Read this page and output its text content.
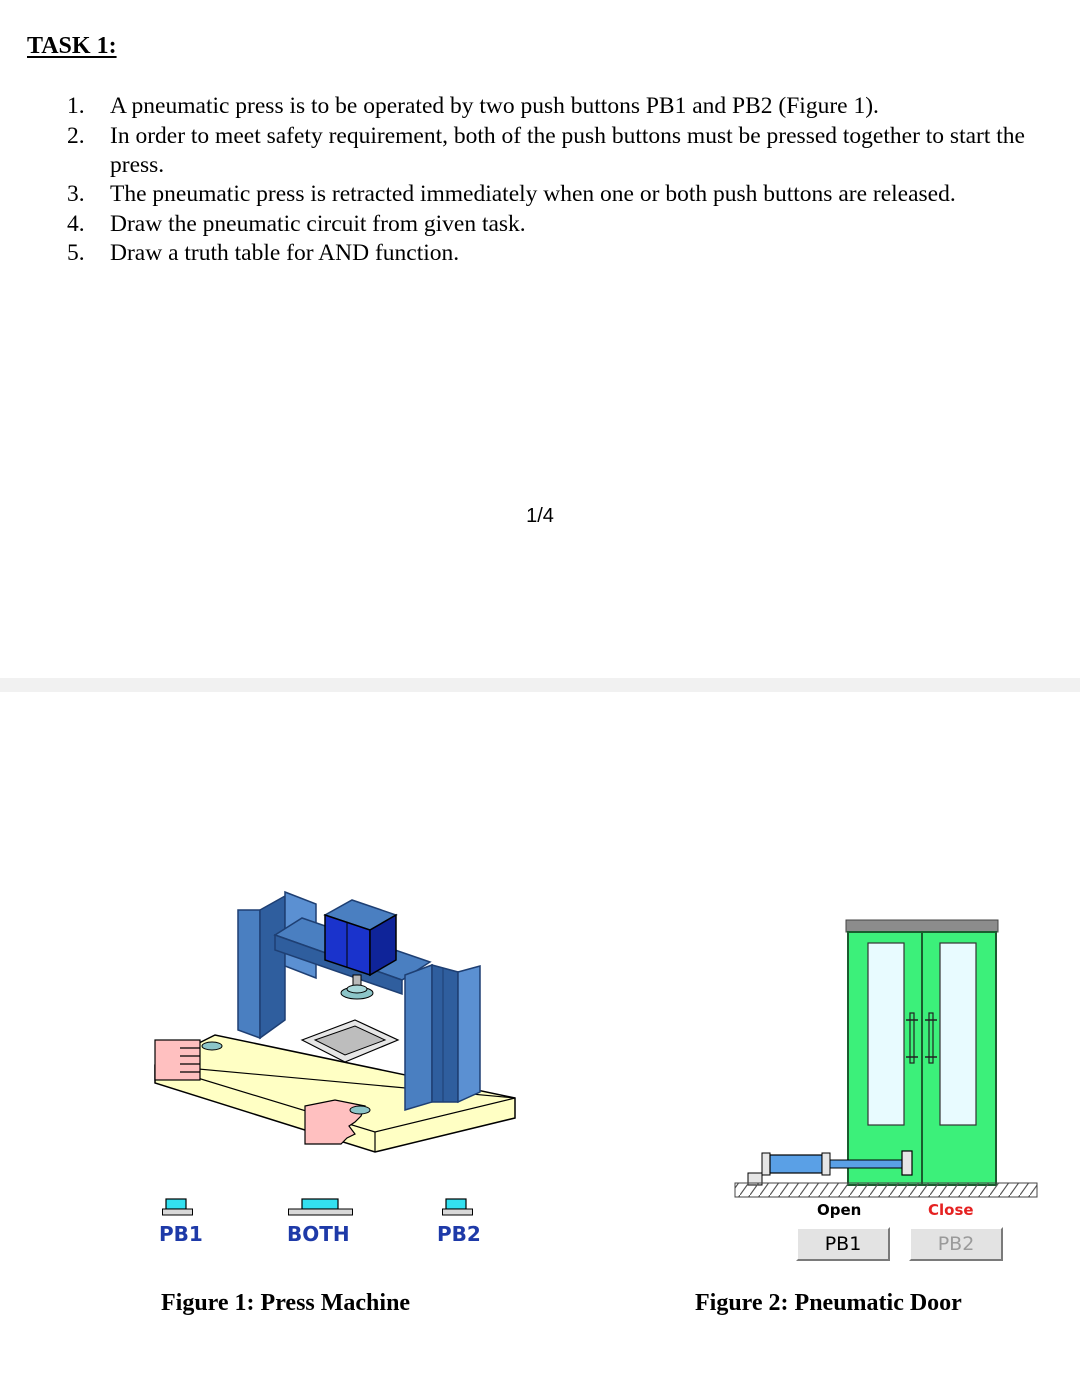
TASK 1:
1. A pneumatic press is to be operated by two push buttons PB1 and PB2 (Figure 1).
2. In order to meet safety requirement, both of the push buttons must be pressed together to start the press.
3. The pneumatic press is retracted immediately when one or both push buttons are released.
4. Draw the pneumatic circuit from given task.
5. Draw a truth table for AND function.
1/4
PB1	BOTH	PB2
Figure 1: Press Machine
Open	Close
PB1	PB2
Figure 2: Pneumatic Door
